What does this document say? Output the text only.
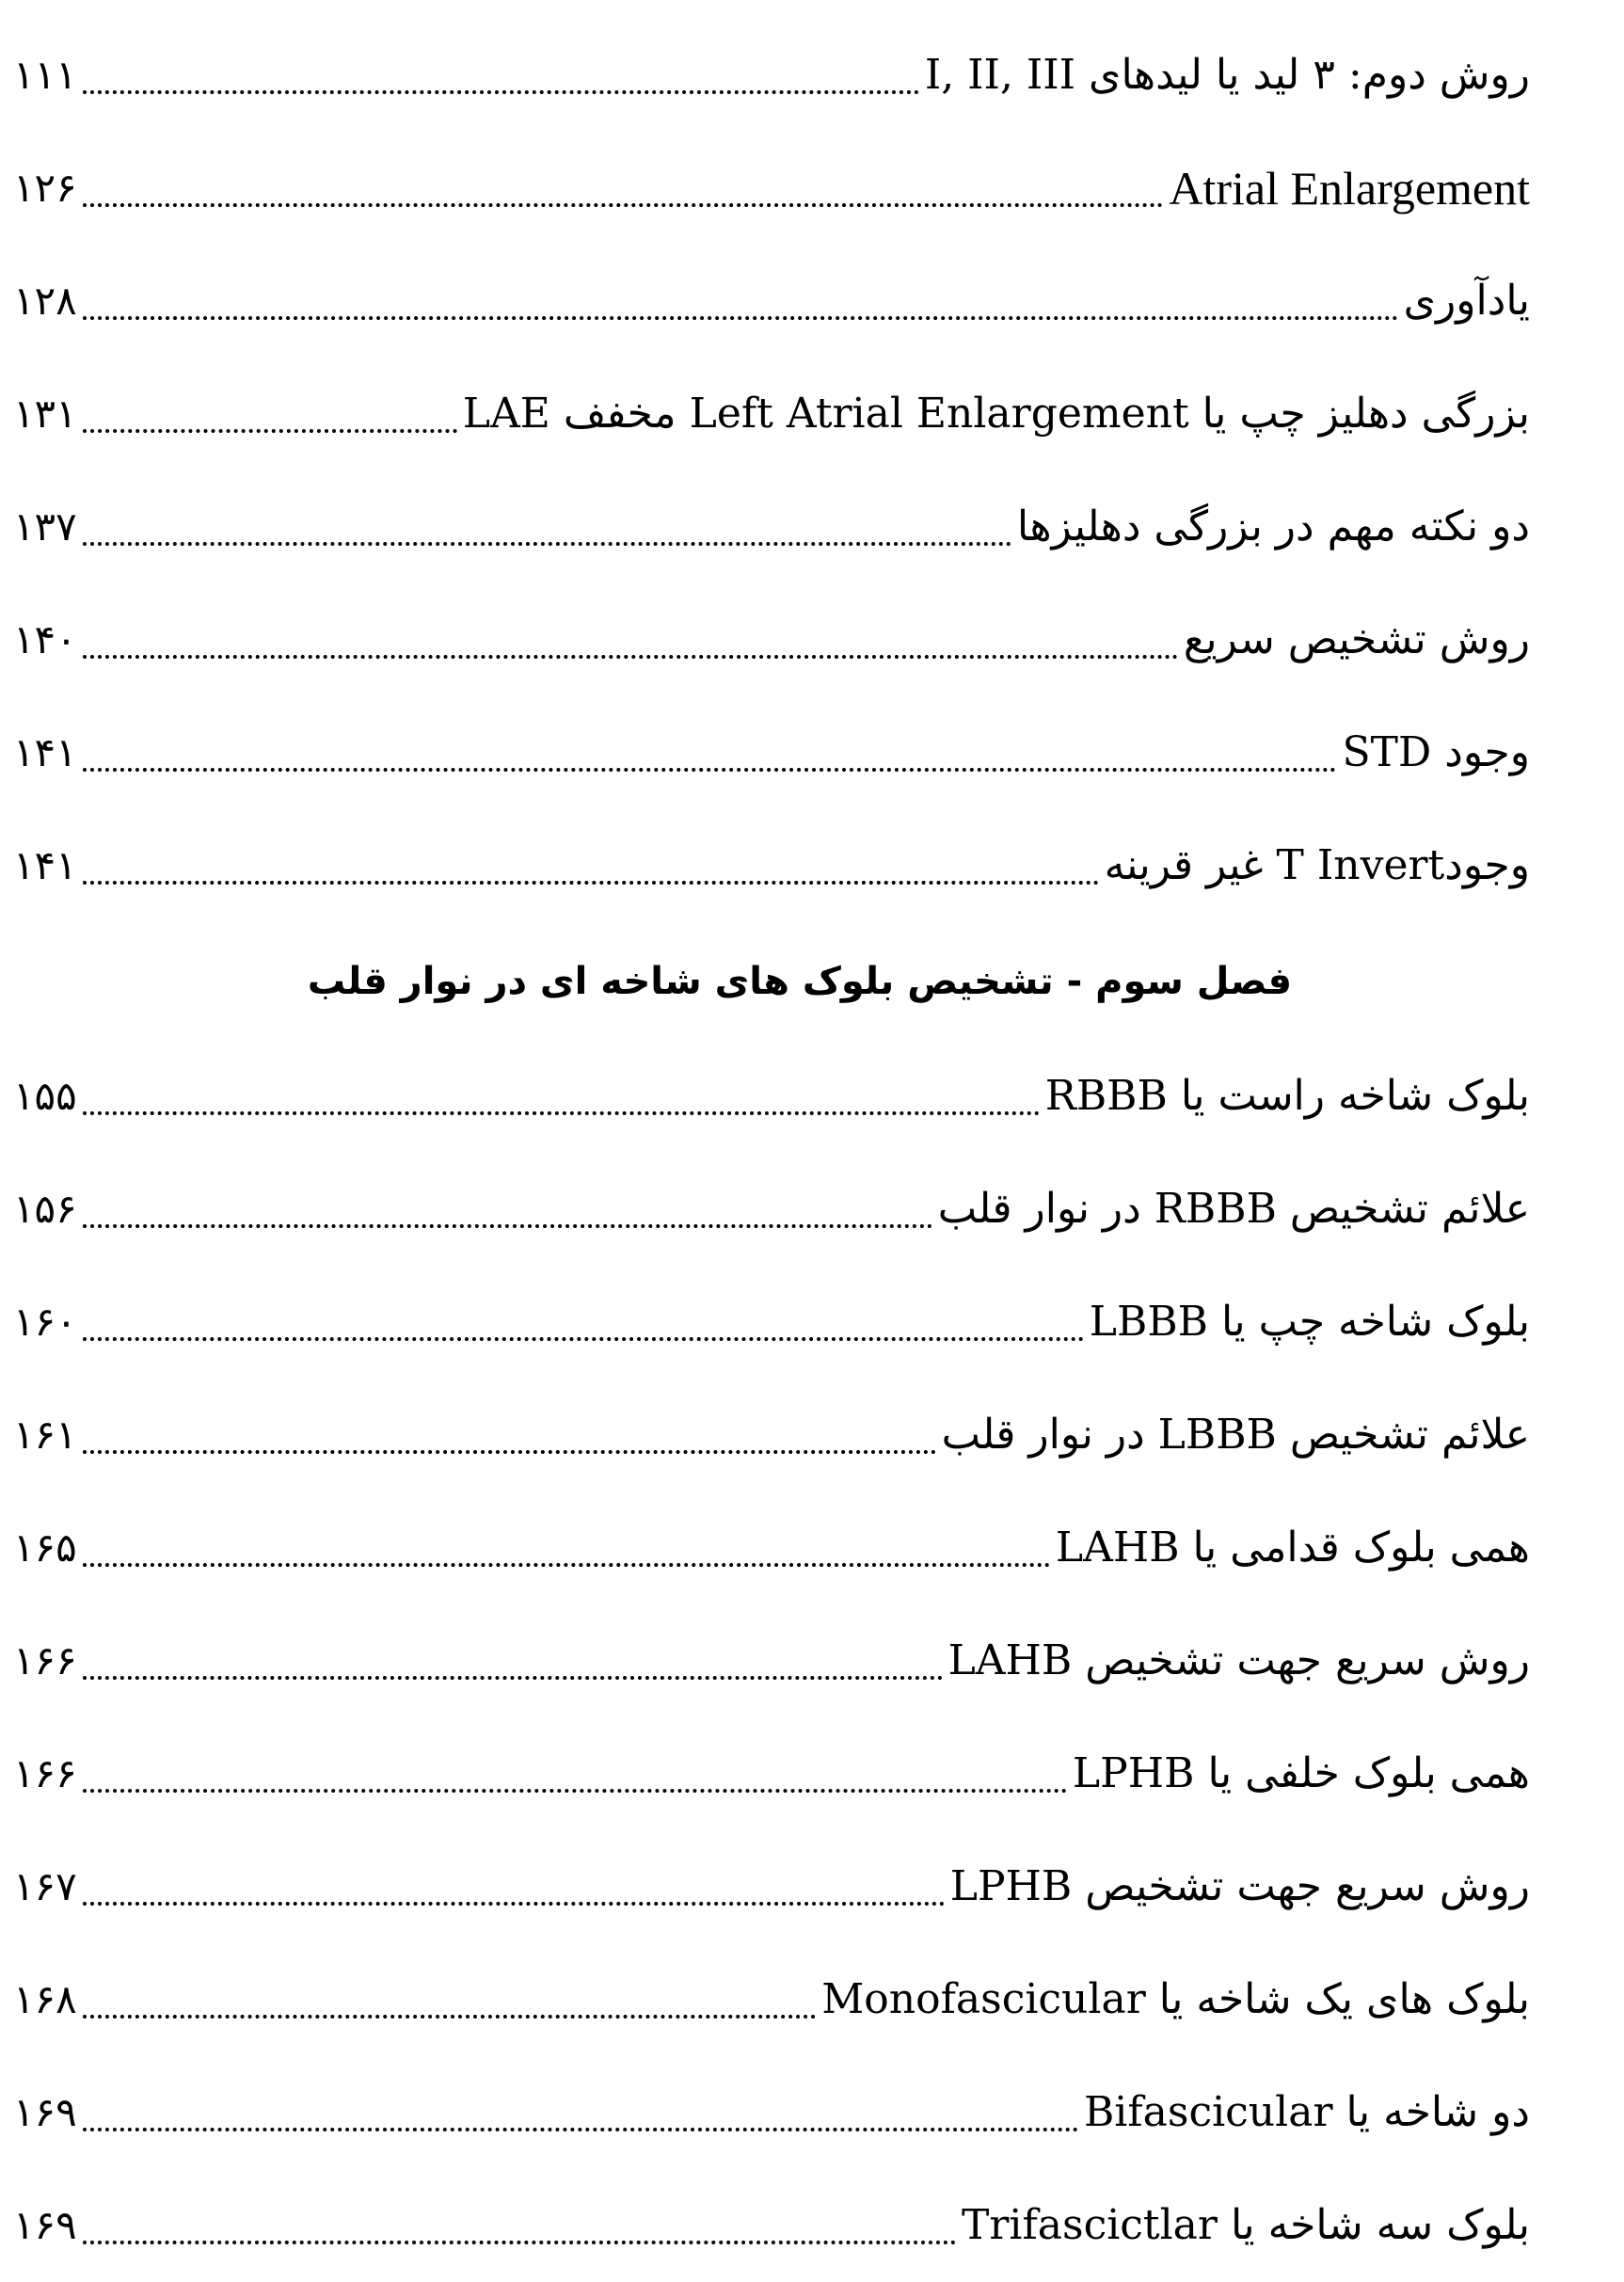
روش دوم: ۳ لید یا لیدهای I, II, III
۱۱۱
Atrial Enlargement
۱۲۶
یادآوری
۱۲۸
بزرگی دهلیز چپ یا Left Atrial Enlargement مخفف LAE
۱۳۱
دو نکته مهم در بزرگی دهلیزها
۱۳۷
روش تشخیص سریع
۱۴۰
وجود STD
۱۴۱
وجودT Invert غیر قرینه
۱۴۱
فصل سوم - تشخیص بلوک های شاخه ای در نوار قلب
بلوک شاخه راست یا RBBB
۱۵۵
علائم تشخیص RBBB در نوار قلب
۱۵۶
بلوک شاخه چپ یا LBBB
۱۶۰
علائم تشخیص LBBB در نوار قلب
۱۶۱
همی بلوک قدامی یا LAHB
۱۶۵
روش سریع جهت تشخیص LAHB
۱۶۶
همی بلوک خلفی یا LPHB
۱۶۶
روش سریع جهت تشخیص LPHB
۱۶۷
بلوک های یک شاخه یا Monofascicular
۱۶۸
دو شاخه یا Bifascicular
۱۶۹
بلوک سه شاخه یا Trifascictlar
۱۶۹
